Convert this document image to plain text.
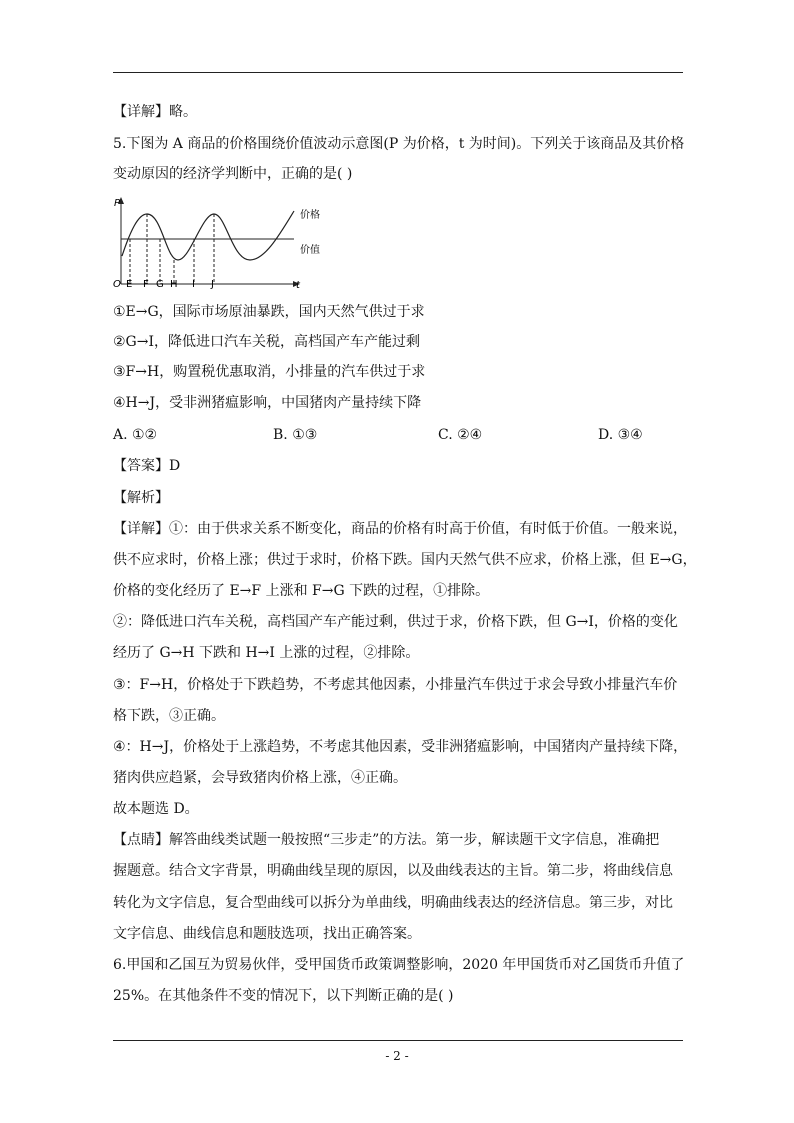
【详解】略。
5.下图为 A 商品的价格围绕价值波动示意图(P 为价格，t 为时间)。下列关于该商品及其价格
变动原因的经济学判断中，正确的是( )
P
t
O E F G H I J
价格
价值
①E→G，国际市场原油暴跌，国内天然气供过于求
②G→I，降低进口汽车关税，高档国产车产能过剩
③F→H，购置税优惠取消，小排量的汽车供过于求
④H→J，受非洲猪瘟影响，中国猪肉产量持续下降
A. ①②	B. ①③	C. ②④	D. ③④
【答案】D
【解析】
【详解】①：由于供求关系不断变化，商品的价格有时高于价值，有时低于价值。一般来说，
供不应求时，价格上涨；供过于求时，价格下跌。国内天然气供不应求，价格上涨，但 E→G，
价格的变化经历了 E→F 上涨和 F→G 下跌的过程，①排除。
②：降低进口汽车关税，高档国产车产能过剩，供过于求，价格下跌，但 G→I，价格的变化
经历了 G→H 下跌和 H→I 上涨的过程，②排除。
③：F→H，价格处于下跌趋势，不考虑其他因素，小排量汽车供过于求会导致小排量汽车价
格下跌，③正确。
④：H→J，价格处于上涨趋势，不考虑其他因素，受非洲猪瘟影响，中国猪肉产量持续下降，
猪肉供应趋紧，会导致猪肉价格上涨，④正确。
故本题选 D。
【点睛】解答曲线类试题一般按照“三步走”的方法。第一步，解读题干文字信息，准确把
握题意。结合文字背景，明确曲线呈现的原因，以及曲线表达的主旨。第二步，将曲线信息
转化为文字信息，复合型曲线可以拆分为单曲线，明确曲线表达的经济信息。第三步，对比
文字信息、曲线信息和题肢选项，找出正确答案。
6.甲国和乙国互为贸易伙伴，受甲国货币政策调整影响，2020 年甲国货币对乙国货币升值了
25%。在其他条件不变的情况下，以下判断正确的是( )
- 2 -
